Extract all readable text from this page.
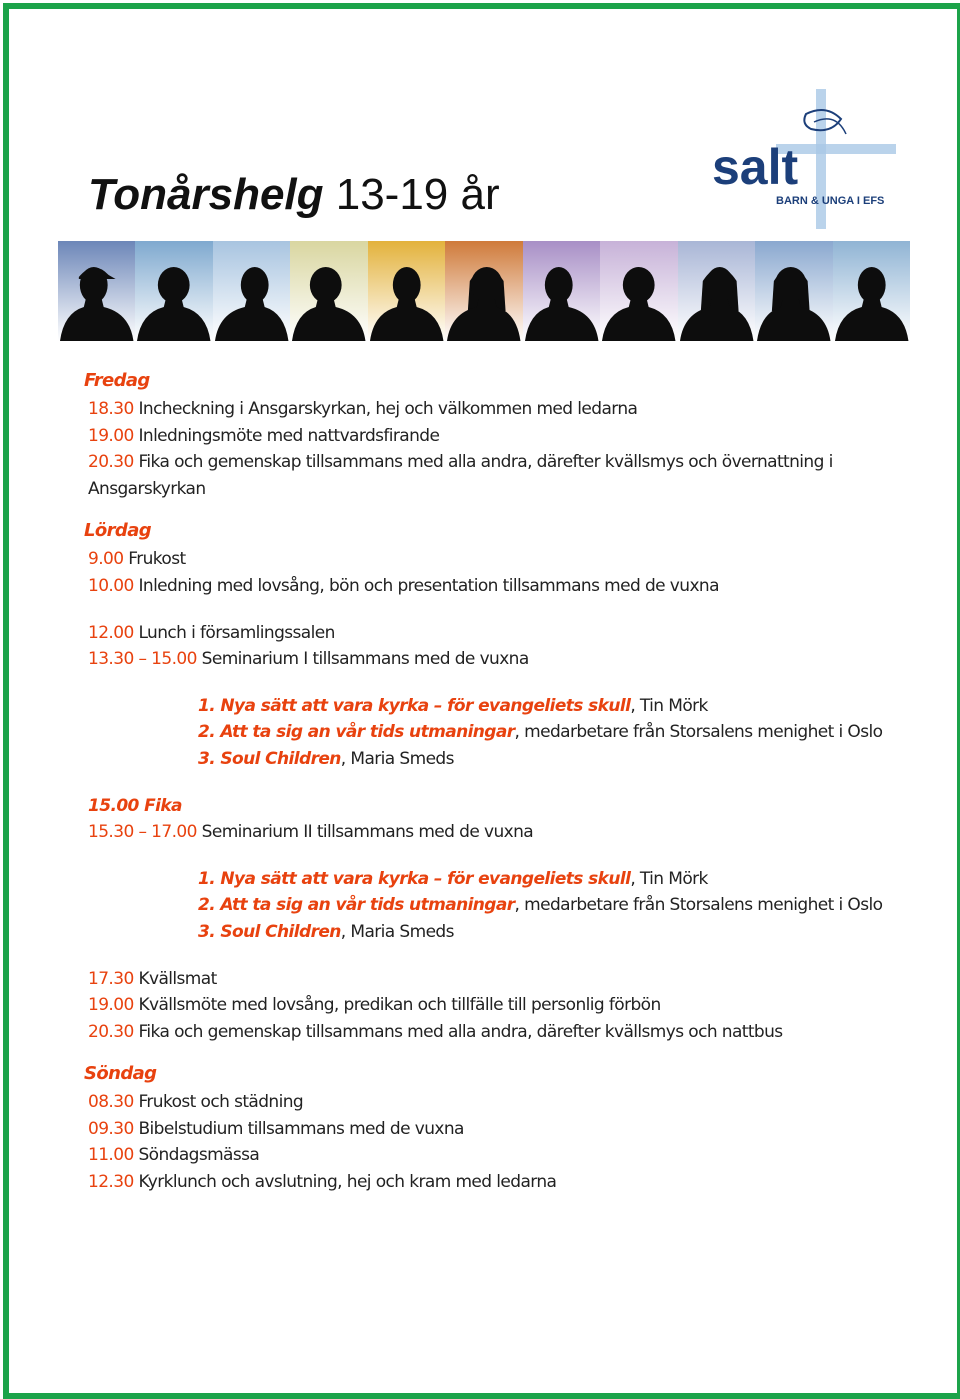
Tonårshelg 13-19 år	salt
BARN & UNGA I EFS
Fredag
18.30 Incheckning i Ansgarskyrkan, hej och välkommen med ledarna
19.00 Inledningsmöte med nattvardsfirande
20.30 Fika och gemenskap tillsammans med alla andra, därefter kvällsmys och övernattning i Ansgarskyrkan
Lördag
9.00 Frukost
10.00 Inledning med lovsång, bön och presentation tillsammans med de vuxna
12.00 Lunch i församlingssalen
13.30 – 15.00 Seminarium I tillsammans med de vuxna
1. Nya sätt att vara kyrka – för evangeliets skull, Tin Mörk
2. Att ta sig an vår tids utmaningar, medarbetare från Storsalens menighet i Oslo
3. Soul Children, Maria Smeds
15.00 Fika
15.30 – 17.00 Seminarium II tillsammans med de vuxna
1. Nya sätt att vara kyrka – för evangeliets skull, Tin Mörk
2. Att ta sig an vår tids utmaningar, medarbetare från Storsalens menighet i Oslo
3. Soul Children, Maria Smeds
17.30 Kvällsmat
19.00 Kvällsmöte med lovsång, predikan och tillfälle till personlig förbön
20.30 Fika och gemenskap tillsammans med alla andra, därefter kvällsmys och nattbus
Söndag
08.30 Frukost och städning
09.30 Bibelstudium tillsammans med de vuxna
11.00 Söndagsmässa
12.30 Kyrklunch och avslutning, hej och kram med ledarna
